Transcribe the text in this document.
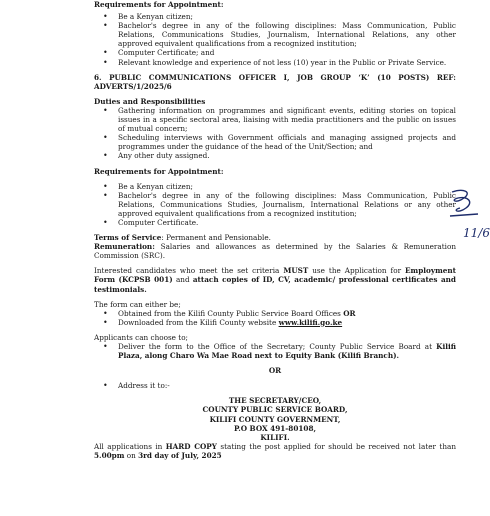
Requirements for Appointment:

• Be a Kenyan citizen;
• Bachelor's degree in any of the following disciplines: Mass Communication, Public Relations, Communications Studies, Journalism, International Relations, any other approved equivalent qualifications from a recognized institution;
• Computer Certificate; and
• Relevant knowledge and experience of not less (10) year in the Public or Private Service.

6. PUBLIC COMMUNICATIONS OFFICER I, JOB GROUP ‘K’ (10 POSTS) REF: ADVERTS/1/2025/6

Duties and Responsibilities

• Gathering information on programmes and significant events, editing stories on topical issues in a specific sectoral area, liaising with media practitioners and the public on issues of mutual concern;
• Scheduling interviews with Government officials and managing assigned projects and programmes under the guidance of the head of the Unit/Section; and
• Any other duty assigned.

Requirements for Appointment:

• Be a Kenyan citizen;
• Bachelor's degree in any of the following disciplines: Mass Communication, Public Relations, Communications Studies, Journalism, International Relations or any other approved equivalent qualifications from a recognized institution;
• Computer Certificate.

Terms of Service: Permanent and Pensionable.
Remuneration: Salaries and allowances as determined by the Salaries & Remuneration Commission (SRC).

Interested candidates who meet the set criteria MUST use the Application for Employment Form (KCPSB 001) and attach copies of ID, CV, academic/ professional certificates and testimonials.

The form can either be;

• Obtained from the Kilifi County Public Service Board Offices OR
• Downloaded from the Kilifi County website www.kilifi.go.ke

Applicants can choose to;

• Deliver the form to the Office of the Secretary; County Public Service Board at Kilifi Plaza, along Charo Wa Mae Road next to Equity Bank (Kilifi Branch).

OR

• Address it to:-

THE SECRETARY/CEO,

COUNTY PUBLIC SERVICE BOARD,

KILIFI COUNTY GOVERNMENT,

P.O BOX 491-80108,

KILIFI.

All applications in HARD COPY stating the post applied for should be received not later than 5.00pm on 3rd day of July, 2025

11/6
